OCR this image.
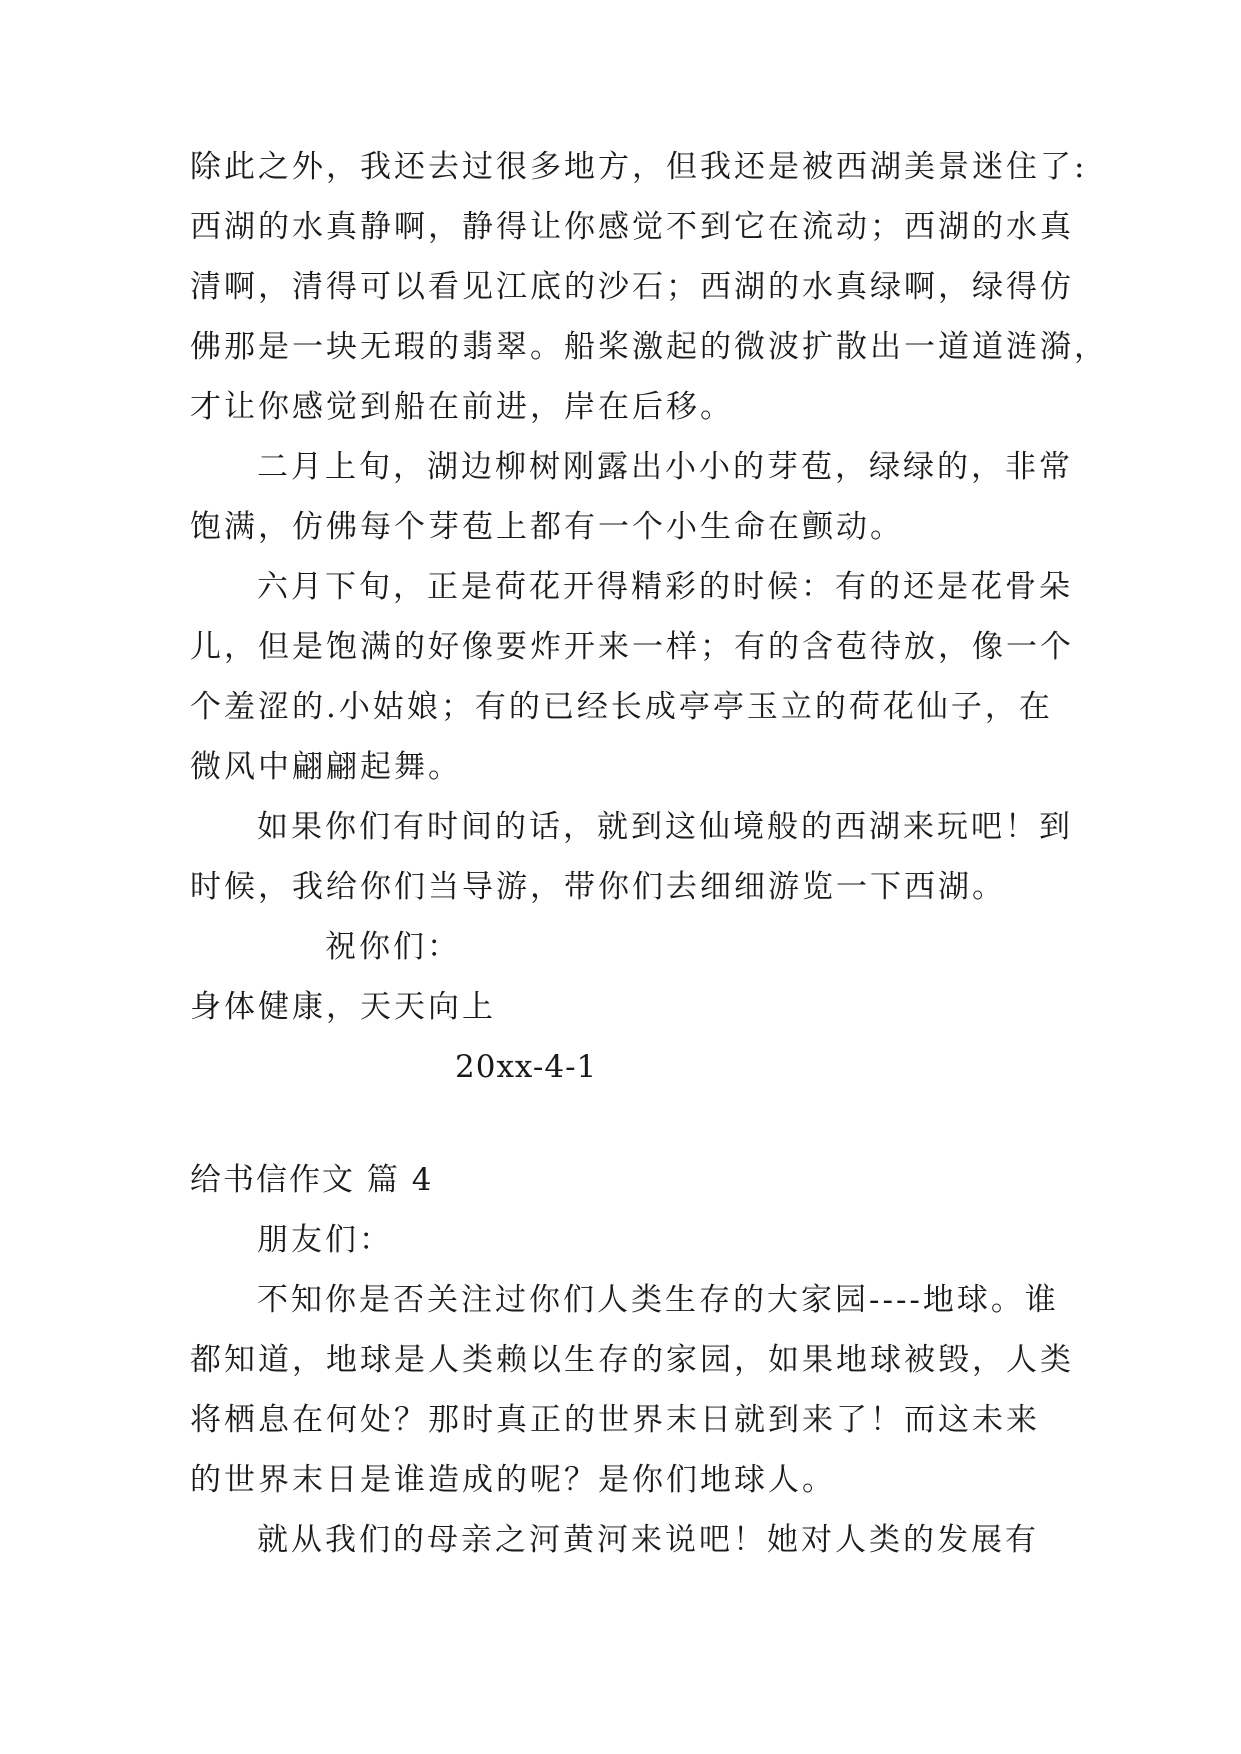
除此之外，我还去过很多地方，但我还是被西湖美景迷住了:
西湖的水真静啊，静得让你感觉不到它在流动；西湖的水真
清啊，清得可以看见江底的沙石；西湖的水真绿啊，绿得仿
佛那是一块无瑕的翡翠。船桨激起的微波扩散出一道道涟漪，
才让你感觉到船在前进，岸在后移。
二月上旬，湖边柳树刚露出小小的芽苞，绿绿的，非常
饱满，仿佛每个芽苞上都有一个小生命在颤动。
六月下旬，正是荷花开得精彩的时候：有的还是花骨朵
儿，但是饱满的好像要炸开来一样；有的含苞待放，像一个
个羞涩的.小姑娘；有的已经长成亭亭玉立的荷花仙子，在
微风中翩翩起舞。
如果你们有时间的话，就到这仙境般的西湖来玩吧！到
时候，我给你们当导游，带你们去细细游览一下西湖。
祝你们：
身体健康，天天向上
20xx-4-1
给书信作文 篇 4
朋友们：
不知你是否关注过你们人类生存的大家园----地球。谁
都知道，地球是人类赖以生存的家园，如果地球被毁，人类
将栖息在何处？那时真正的世界末日就到来了！而这未来
的世界末日是谁造成的呢？是你们地球人。
就从我们的母亲之河黄河来说吧！她对人类的发展有
